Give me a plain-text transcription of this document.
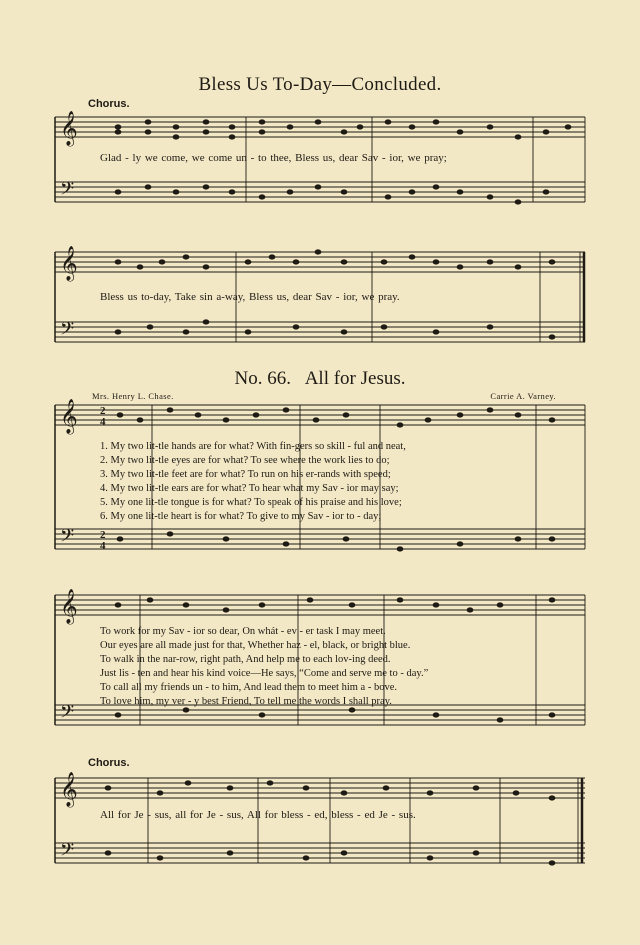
Bless Us To-Day—Concluded.
Chorus.
𝄞
𝄢
𝄞
𝄢
𝄞
𝄢
𝄞
𝄢
𝄞
𝄢
2
4
2
4
Glad - ly we come, we come un - to thee, Bless us, dear Sav - ior, we pray;
Bless us to-day, Take sin a-way, Bless us, dear Sav - ior, we pray.
No. 66. All for Jesus.
Mrs. Henry L. Chase.	Carrie A. Varney.
1. My two lit-tle hands are for what? With fin-gers so skill - ful and neat,
2. My two lit-tle eyes are for what? To see where the work lies to do;
3. My two lit-tle feet are for what? To run on his er-rands with speed;
4. My two lit-tle ears are for what? To hear what my Sav - ior may say;
5. My one lit-tle tongue is for what? To speak of his praise and his love;
6. My one lit-tle heart is for what? To give to my Sav - ior to - day;
To work for my Sav - ior so dear, On whát - ev - er task I may meet.
Our eyes are all made just for that, Whether haz - el, black, or bright blue.
To walk in the nar-row, right path, And help me to each lov-ing deed.
Just lis - ten and hear his kind voice—He says, “Come and serve me to - day.”
To call all my friends un - to him, And lead them to meet him a - bove.
To love him, my ver - y best Friend, To tell me the words I shall pray.
Chorus.
All for Je - sus, all for Je - sus, All for bless - ed, bless - ed Je - sus.
